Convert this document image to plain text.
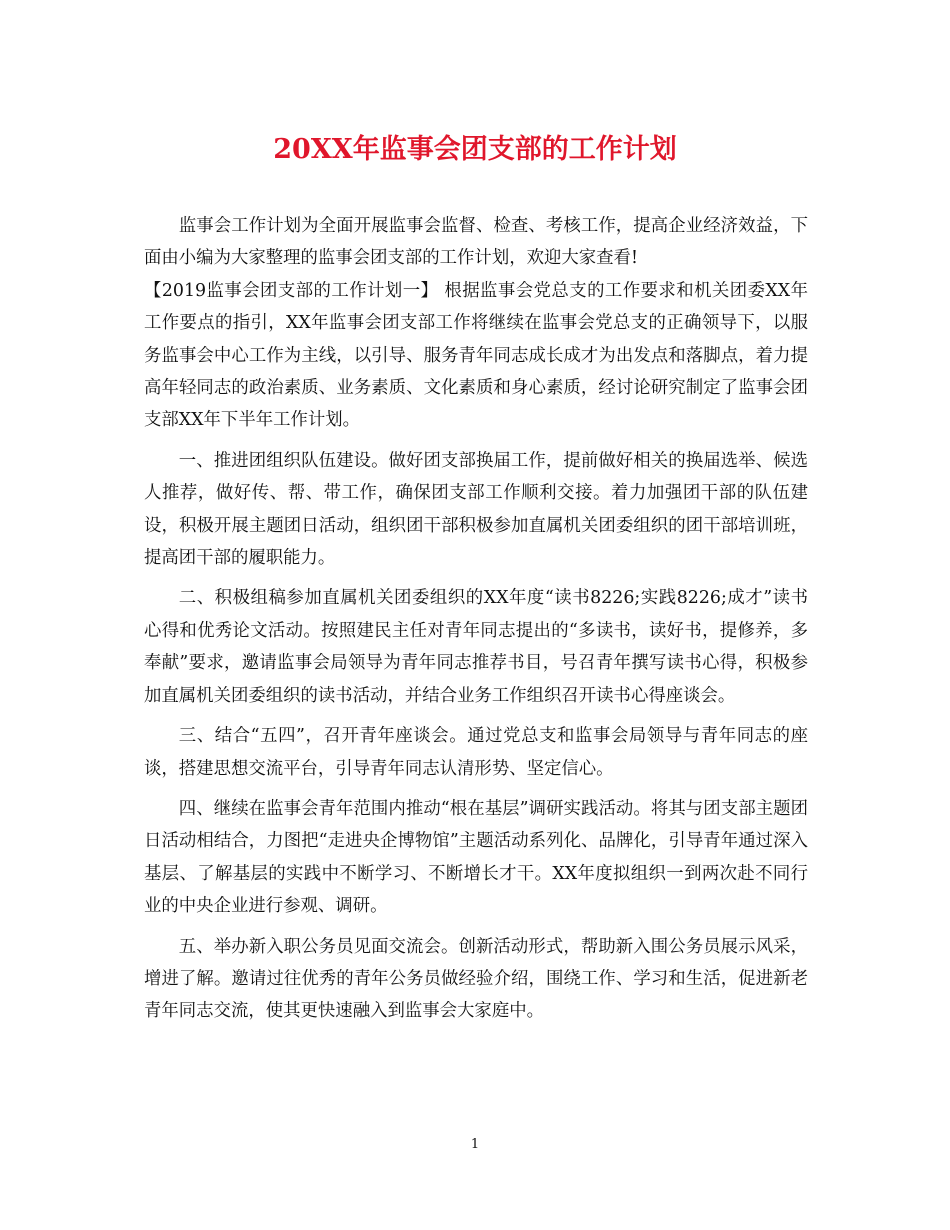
20XX年监事会团支部的工作计划

监事会工作计划为全面开展监事会监督、检查、考核工作，提高企业经济效益，下面由小编为大家整理的监事会团支部的工作计划，欢迎大家查看!

【2019监事会团支部的工作计划一】 根据监事会党总支的工作要求和机关团委XX年工作要点的指引，XX年监事会团支部工作将继续在监事会党总支的正确领导下，以服务监事会中心工作为主线，以引导、服务青年同志成长成才为出发点和落脚点，着力提高年轻同志的政治素质、业务素质、文化素质和身心素质，经讨论研究制定了监事会团支部XX年下半年工作计划。

一、推进团组织队伍建设。做好团支部换届工作，提前做好相关的换届选举、候选人推荐，做好传、帮、带工作，确保团支部工作顺利交接。着力加强团干部的队伍建设，积极开展主题团日活动，组织团干部积极参加直属机关团委组织的团干部培训班，提高团干部的履职能力。

二、积极组稿参加直属机关团委组织的XX年度“读书8226;实践8226;成才”读书心得和优秀论文活动。按照建民主任对青年同志提出的“多读书，读好书，提修养，多奉献”要求，邀请监事会局领导为青年同志推荐书目，号召青年撰写读书心得，积极参加直属机关团委组织的读书活动，并结合业务工作组织召开读书心得座谈会。

三、结合“五四”，召开青年座谈会。通过党总支和监事会局领导与青年同志的座谈，搭建思想交流平台，引导青年同志认清形势、坚定信心。

四、继续在监事会青年范围内推动“根在基层”调研实践活动。将其与团支部主题团日活动相结合，力图把“走进央企博物馆”主题活动系列化、品牌化，引导青年通过深入基层、了解基层的实践中不断学习、不断增长才干。XX年度拟组织一到两次赴不同行业的中央企业进行参观、调研。

五、举办新入职公务员见面交流会。创新活动形式，帮助新入围公务员展示风采，增进了解。邀请过往优秀的青年公务员做经验介绍，围绕工作、学习和生活，促进新老青年同志交流，使其更快速融入到监事会大家庭中。

1
